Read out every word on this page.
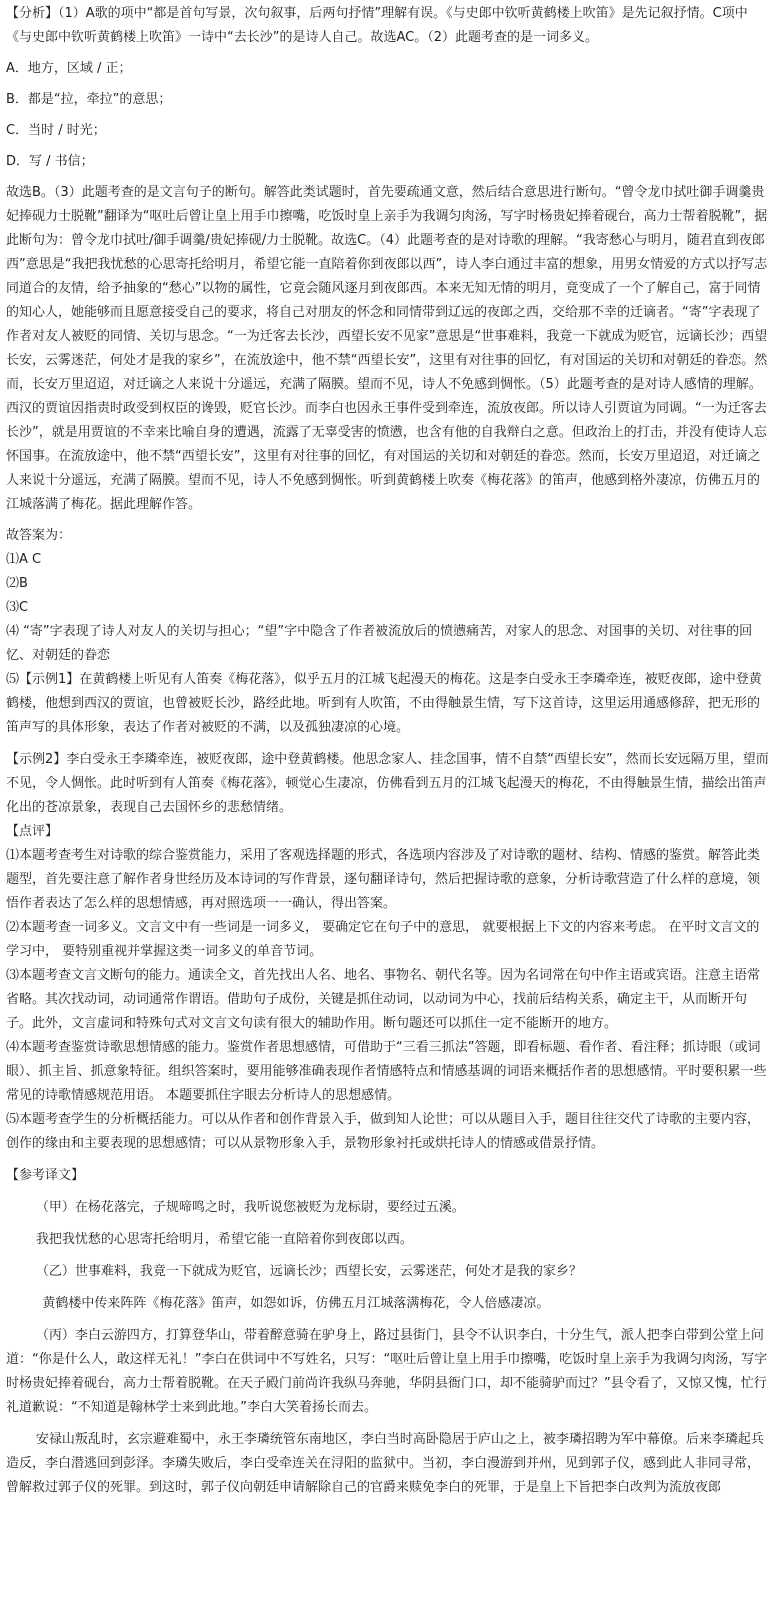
【分析】（1）A歌的项中“都是首句写景，次句叙事，后两句抒情”理解有误。《与史郎中钦听黄鹤楼上吹笛》是先记叙抒情。C项中《与史郎中钦听黄鹤楼上吹笛》一诗中“去长沙”的是诗人自己。故选AC。（2）此题考查的是一词多义。

A．地方，区域 / 正；

B．都是“拉，牵拉”的意思；

C．当时 / 时光；

D．写 / 书信；

故选B。（3）此题考查的是文言句子的断句。解答此类试题时，首先要疏通文意，然后结合意思进行断句。“曾令龙巾拭吐御手调羹贵妃捧砚力士脱靴”翻译为“呕吐后曾让皇上用手巾擦嘴，吃饭时皇上亲手为我调匀肉汤，写字时杨贵妃捧着砚台，高力士帮着脱靴”，据此断句为：曾令龙巾拭吐/御手调羹/贵妃捧砚/力士脱靴。故选C。（4）此题考查的是对诗歌的理解。“我寄愁心与明月，随君直到夜郎西”意思是“我把我忧愁的心思寄托给明月，希望它能一直陪着你到夜郎以西”，诗人李白通过丰富的想象，用男女情爱的方式以抒写志同道合的友情，给予抽象的“愁心”以物的属性，它竟会随风逐月到夜郎西。本来无知无情的明月，竟变成了一个了解自己，富于同情的知心人，她能够而且愿意接受自己的要求，将自己对朋友的怀念和同情带到辽远的夜郎之西，交给那不幸的迁谪者。“寄”字表现了作者对友人被贬的同情、关切与思念。“一为迁客去长沙，西望长安不见家”意思是“世事难料，我竟一下就成为贬官，远谪长沙；西望长安，云雾迷茫，何处才是我的家乡”，在流放途中，他不禁“西望长安”，这里有对往事的回忆，有对国运的关切和对朝廷的眷恋。然而，长安万里迢迢，对迁谪之人来说十分遥远，充满了隔膜。望而不见，诗人不免感到惆怅。（5）此题考查的是对诗人感情的理解。西汉的贾谊因指责时政受到权臣的谗毁，贬官长沙。而李白也因永王事件受到牵连，流放夜郎。所以诗人引贾谊为同调。“一为迁客去长沙”，就是用贾谊的不幸来比喻自身的遭遇，流露了无辜受害的愤懑，也含有他的自我辩白之意。但政治上的打击，并没有使诗人忘怀国事。在流放途中，他不禁“西望长安”，这里有对往事的回忆，有对国运的关切和对朝廷的眷恋。然而，长安万里迢迢，对迁谪之人来说十分遥远，充满了隔膜。望而不见，诗人不免感到惆怅。听到黄鹤楼上吹奏《梅花落》的笛声，他感到格外凄凉，仿佛五月的江城落满了梅花。据此理解作答。

故答案为：

⑴A C

⑵B

⑶C

⑷ “寄”字表现了诗人对友人的关切与担心；“望”字中隐含了作者被流放后的愤懑痛苦，对家人的思念、对国事的关切、对往事的回忆、对朝廷的眷恋

⑸【示例1】在黄鹤楼上听见有人笛奏《梅花落》，似乎五月的江城飞起漫天的梅花。这是李白受永王李璘牵连，被贬夜郎，途中登黄鹤楼，他想到西汉的贾谊，也曾被贬长沙，路经此地。听到有人吹笛，不由得触景生情，写下这首诗，这里运用通感修辞，把无形的笛声写的具体形象，表达了作者对被贬的不满，以及孤独凄凉的心境。

【示例2】李白受永王李璘牵连，被贬夜郎，途中登黄鹤楼。他思念家人、挂念国事，情不自禁“西望长安”，然而长安远隔万里，望而不见，令人惆怅。此时听到有人笛奏《梅花落》，顿觉心生凄凉，仿佛看到五月的江城飞起漫天的梅花，不由得触景生情，描绘出笛声化出的苍凉景象，表现自己去国怀乡的悲愁情绪。

【点评】

⑴本题考查考生对诗歌的综合鉴赏能力，采用了客观选择题的形式，各选项内容涉及了对诗歌的题材、结构、情感的鉴赏。解答此类题型，首先要注意了解作者身世经历及本诗词的写作背景，逐句翻译诗句，然后把握诗歌的意象，分析诗歌营造了什么样的意境，领悟作者表达了怎么样的思想情感，再对照选项一一确认，得出答案。

⑵本题考查一词多义。文言文中有一些词是一词多义， 要确定它在句子中的意思， 就要根据上下文的内容来考虑。 在平时文言文的学习中， 要特别重视并掌握这类一词多义的单音节词。

⑶本题考查文言文断句的能力。通读全文，首先找出人名、地名、事物名、朝代名等。因为名词常在句中作主语或宾语。注意主语常省略。其次找动词，动词通常作谓语。借助句子成份，关键是抓住动词，以动词为中心，找前后结构关系，确定主干，从而断开句子。此外，文言虚词和特殊句式对文言文句读有很大的辅助作用。断句题还可以抓住一定不能断开的地方。

⑷本题考查鉴赏诗歌思想情感的能力。鉴赏作者思想感情，可借助于“三看三抓法”答题，即看标题、看作者、看注释；抓诗眼（或词眼）、抓主旨、抓意象特征。组织答案时，要用能够准确表现作者情感特点和情感基调的词语来概括作者的思想感情。平时要积累一些常见的诗歌情感规范用语。 本题要抓住字眼去分析诗人的思想感情。

⑸本题考查学生的分析概括能力。可以从作者和创作背景入手，做到知人论世；可以从题目入手，题目往往交代了诗歌的主要内容，创作的缘由和主要表现的思想感情；可以从景物形象入手，景物形象衬托或烘托诗人的情感或借景抒情。

【参考译文】

（甲）在杨花落完，子规啼鸣之时，我听说您被贬为龙标尉，要经过五溪。

我把我忧愁的心思寄托给明月，希望它能一直陪着你到夜郎以西。

（乙）世事难料，我竟一下就成为贬官，远谪长沙；西望长安，云雾迷茫，何处才是我的家乡？

黄鹤楼中传来阵阵《梅花落》笛声，如怨如诉，仿佛五月江城落满梅花，令人倍感凄凉。

（丙）李白云游四方，打算登华山，带着醉意骑在驴身上，路过县街门，县令不认识李白，十分生气，派人把李白带到公堂上问道：“你是什么人，敢这样无礼！”李白在供词中不写姓名，只写：“呕吐后曾让皇上用手巾擦嘴，吃饭时皇上亲手为我调匀肉汤，写字时杨贵妃捧着砚台，高力士帮着脱靴。在天子殿门前尚许我纵马奔驰，华阴县衙门口，却不能骑驴而过？”县令看了，又惊又愧，忙行礼道歉说：“不知道是翰林学士来到此地。”李白大笑着扬长而去。

安禄山叛乱时，玄宗避难蜀中，永王李璘统管东南地区，李白当时高卧隐居于庐山之上，被李璘招聘为军中幕僚。后来李璘起兵造反，李白潜逃回到彭泽。李璘失败后，李白受牵连关在浔阳的监狱中。当初，李白漫游到并州，见到郭子仪，感到此人非同寻常，曾解救过郭子仪的死罪。到这时，郭子仪向朝廷申请解除自己的官爵来赎免李白的死罪，于是皇上下旨把李白改判为流放夜郎
